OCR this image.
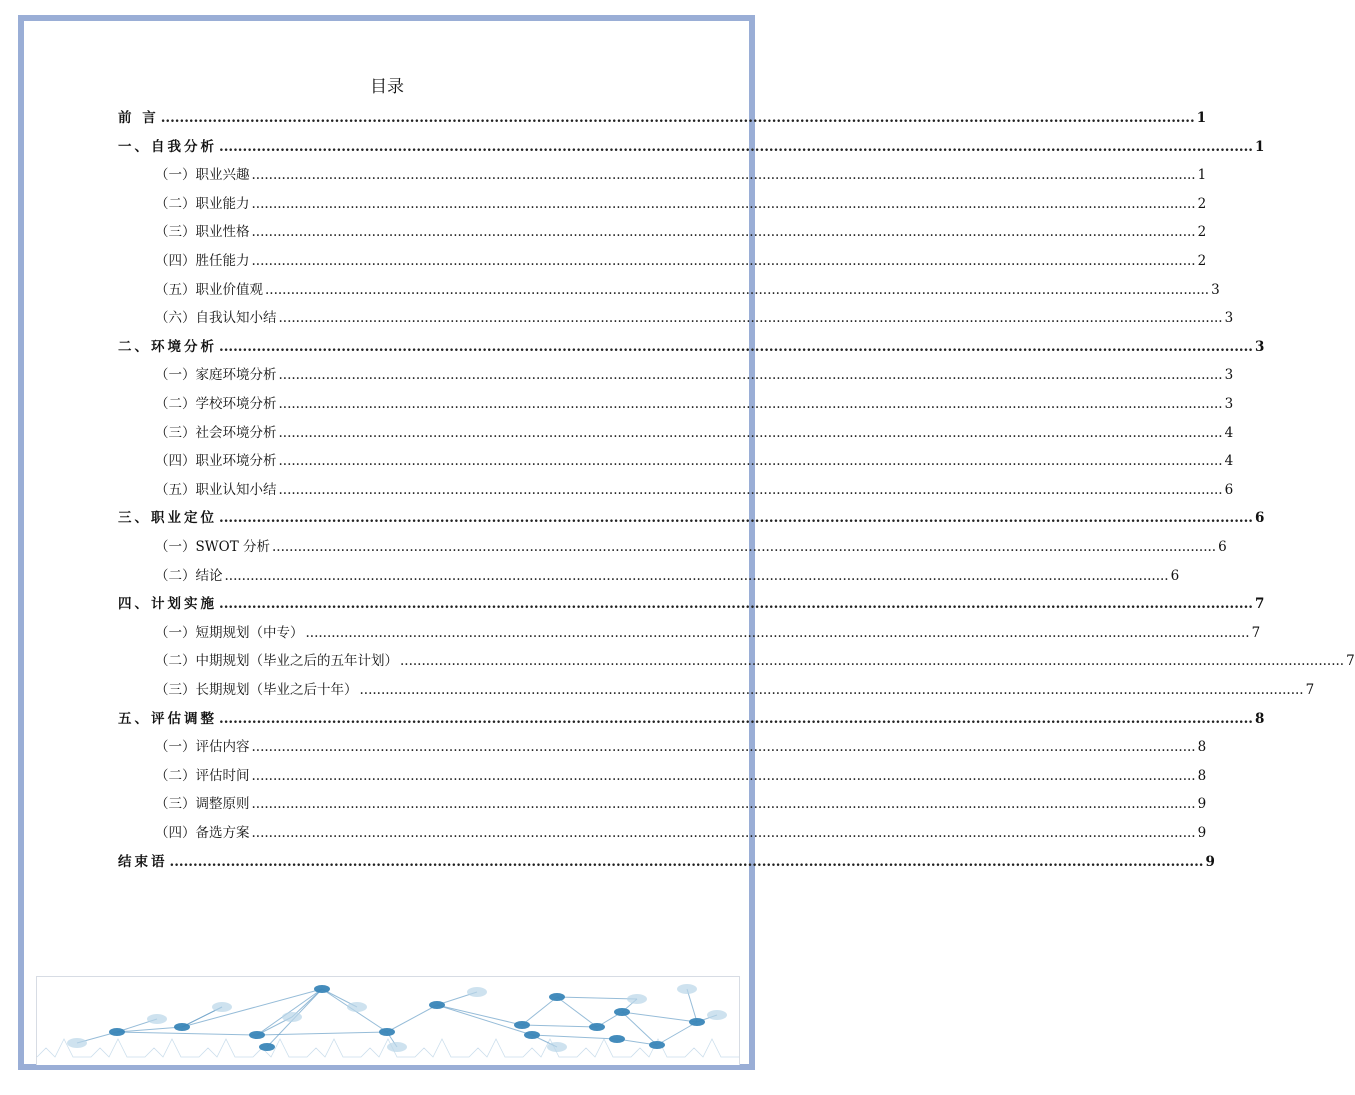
目录
前 言 ............................................................................................................................................................................................................................ 1
一、自我分析 ............................................................................................................................................................................................................................ 1
（一）职业兴趣 ............................................................................................................................................................................................................................ 1
（二）职业能力 ............................................................................................................................................................................................................................ 2
（三）职业性格 ............................................................................................................................................................................................................................ 2
（四）胜任能力 ............................................................................................................................................................................................................................ 2
（五）职业价值观 ............................................................................................................................................................................................................................ 3
（六）自我认知小结 ............................................................................................................................................................................................................................ 3
二、环境分析 ............................................................................................................................................................................................................................ 3
（一）家庭环境分析 ............................................................................................................................................................................................................................ 3
（二）学校环境分析 ............................................................................................................................................................................................................................ 3
（三）社会环境分析 ............................................................................................................................................................................................................................ 4
（四）职业环境分析 ............................................................................................................................................................................................................................ 4
（五）职业认知小结 ............................................................................................................................................................................................................................ 6
三、职业定位 ............................................................................................................................................................................................................................ 6
（一）SWOT 分析 ............................................................................................................................................................................................................................ 6
（二）结论 ............................................................................................................................................................................................................................ 6
四、计划实施 ............................................................................................................................................................................................................................ 7
（一）短期规划（中专） ............................................................................................................................................................................................................................ 7
（二）中期规划（毕业之后的五年计划） ............................................................................................................................................................................................................................ 7
（三）长期规划（毕业之后十年） ............................................................................................................................................................................................................................ 7
五、评估调整 ............................................................................................................................................................................................................................ 8
（一）评估内容 ............................................................................................................................................................................................................................ 8
（二）评估时间 ............................................................................................................................................................................................................................ 8
（三）调整原则 ............................................................................................................................................................................................................................ 9
（四）备选方案 ............................................................................................................................................................................................................................ 9
结束语 ............................................................................................................................................................................................................................ 9
